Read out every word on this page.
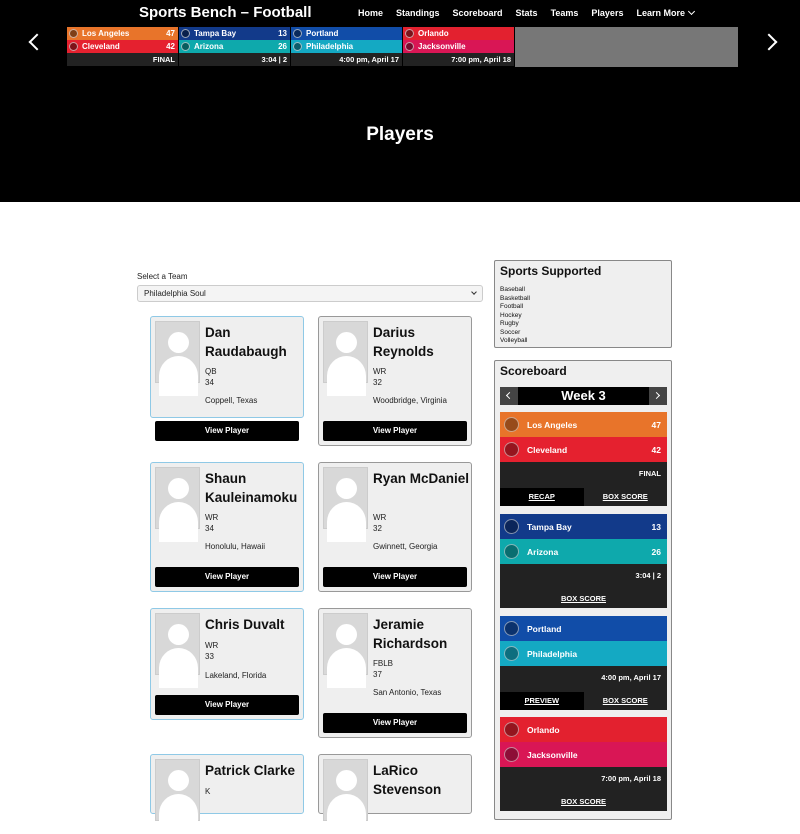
Sports Bench – Football	Home Standings Scoreboard Stats Teams Players Learn More
Los Angeles	47
Cleveland	42
FINAL
Tampa Bay	13
Arizona	26
3:04 | 2
Portland
Philadelphia
4:00 pm, April 17
Orlando
Jacksonville
7:00 pm, April 18
Players
Select a Team
Philadelphia Soul
Dan Raudabaugh
QB
34
Coppell, Texas
View Player
Darius Reynolds
WR
32
Woodbridge, Virginia
View Player
Shaun Kauleinamoku
WR
34
Honolulu, Hawaii
View Player
Ryan McDaniel
WR
32
Gwinnett, Georgia
View Player
Chris Duvalt
WR
33
Lakeland, Florida
View Player
Jeramie Richardson
FBLB
37
San Antonio, Texas
View Player
Patrick Clarke
K
LaRico Stevenson
Sports Supported
Baseball
Basketball
Football
Hockey
Rugby
Soccer
Volleyball
Scoreboard
Week 3
Los Angeles	47
Cleveland	42
FINAL
RECAP	BOX SCORE
Tampa Bay	13
Arizona	26
3:04 | 2
BOX SCORE
Portland
Philadelphia
4:00 pm, April 17
PREVIEW	BOX SCORE
Orlando
Jacksonville
7:00 pm, April 18
BOX SCORE
